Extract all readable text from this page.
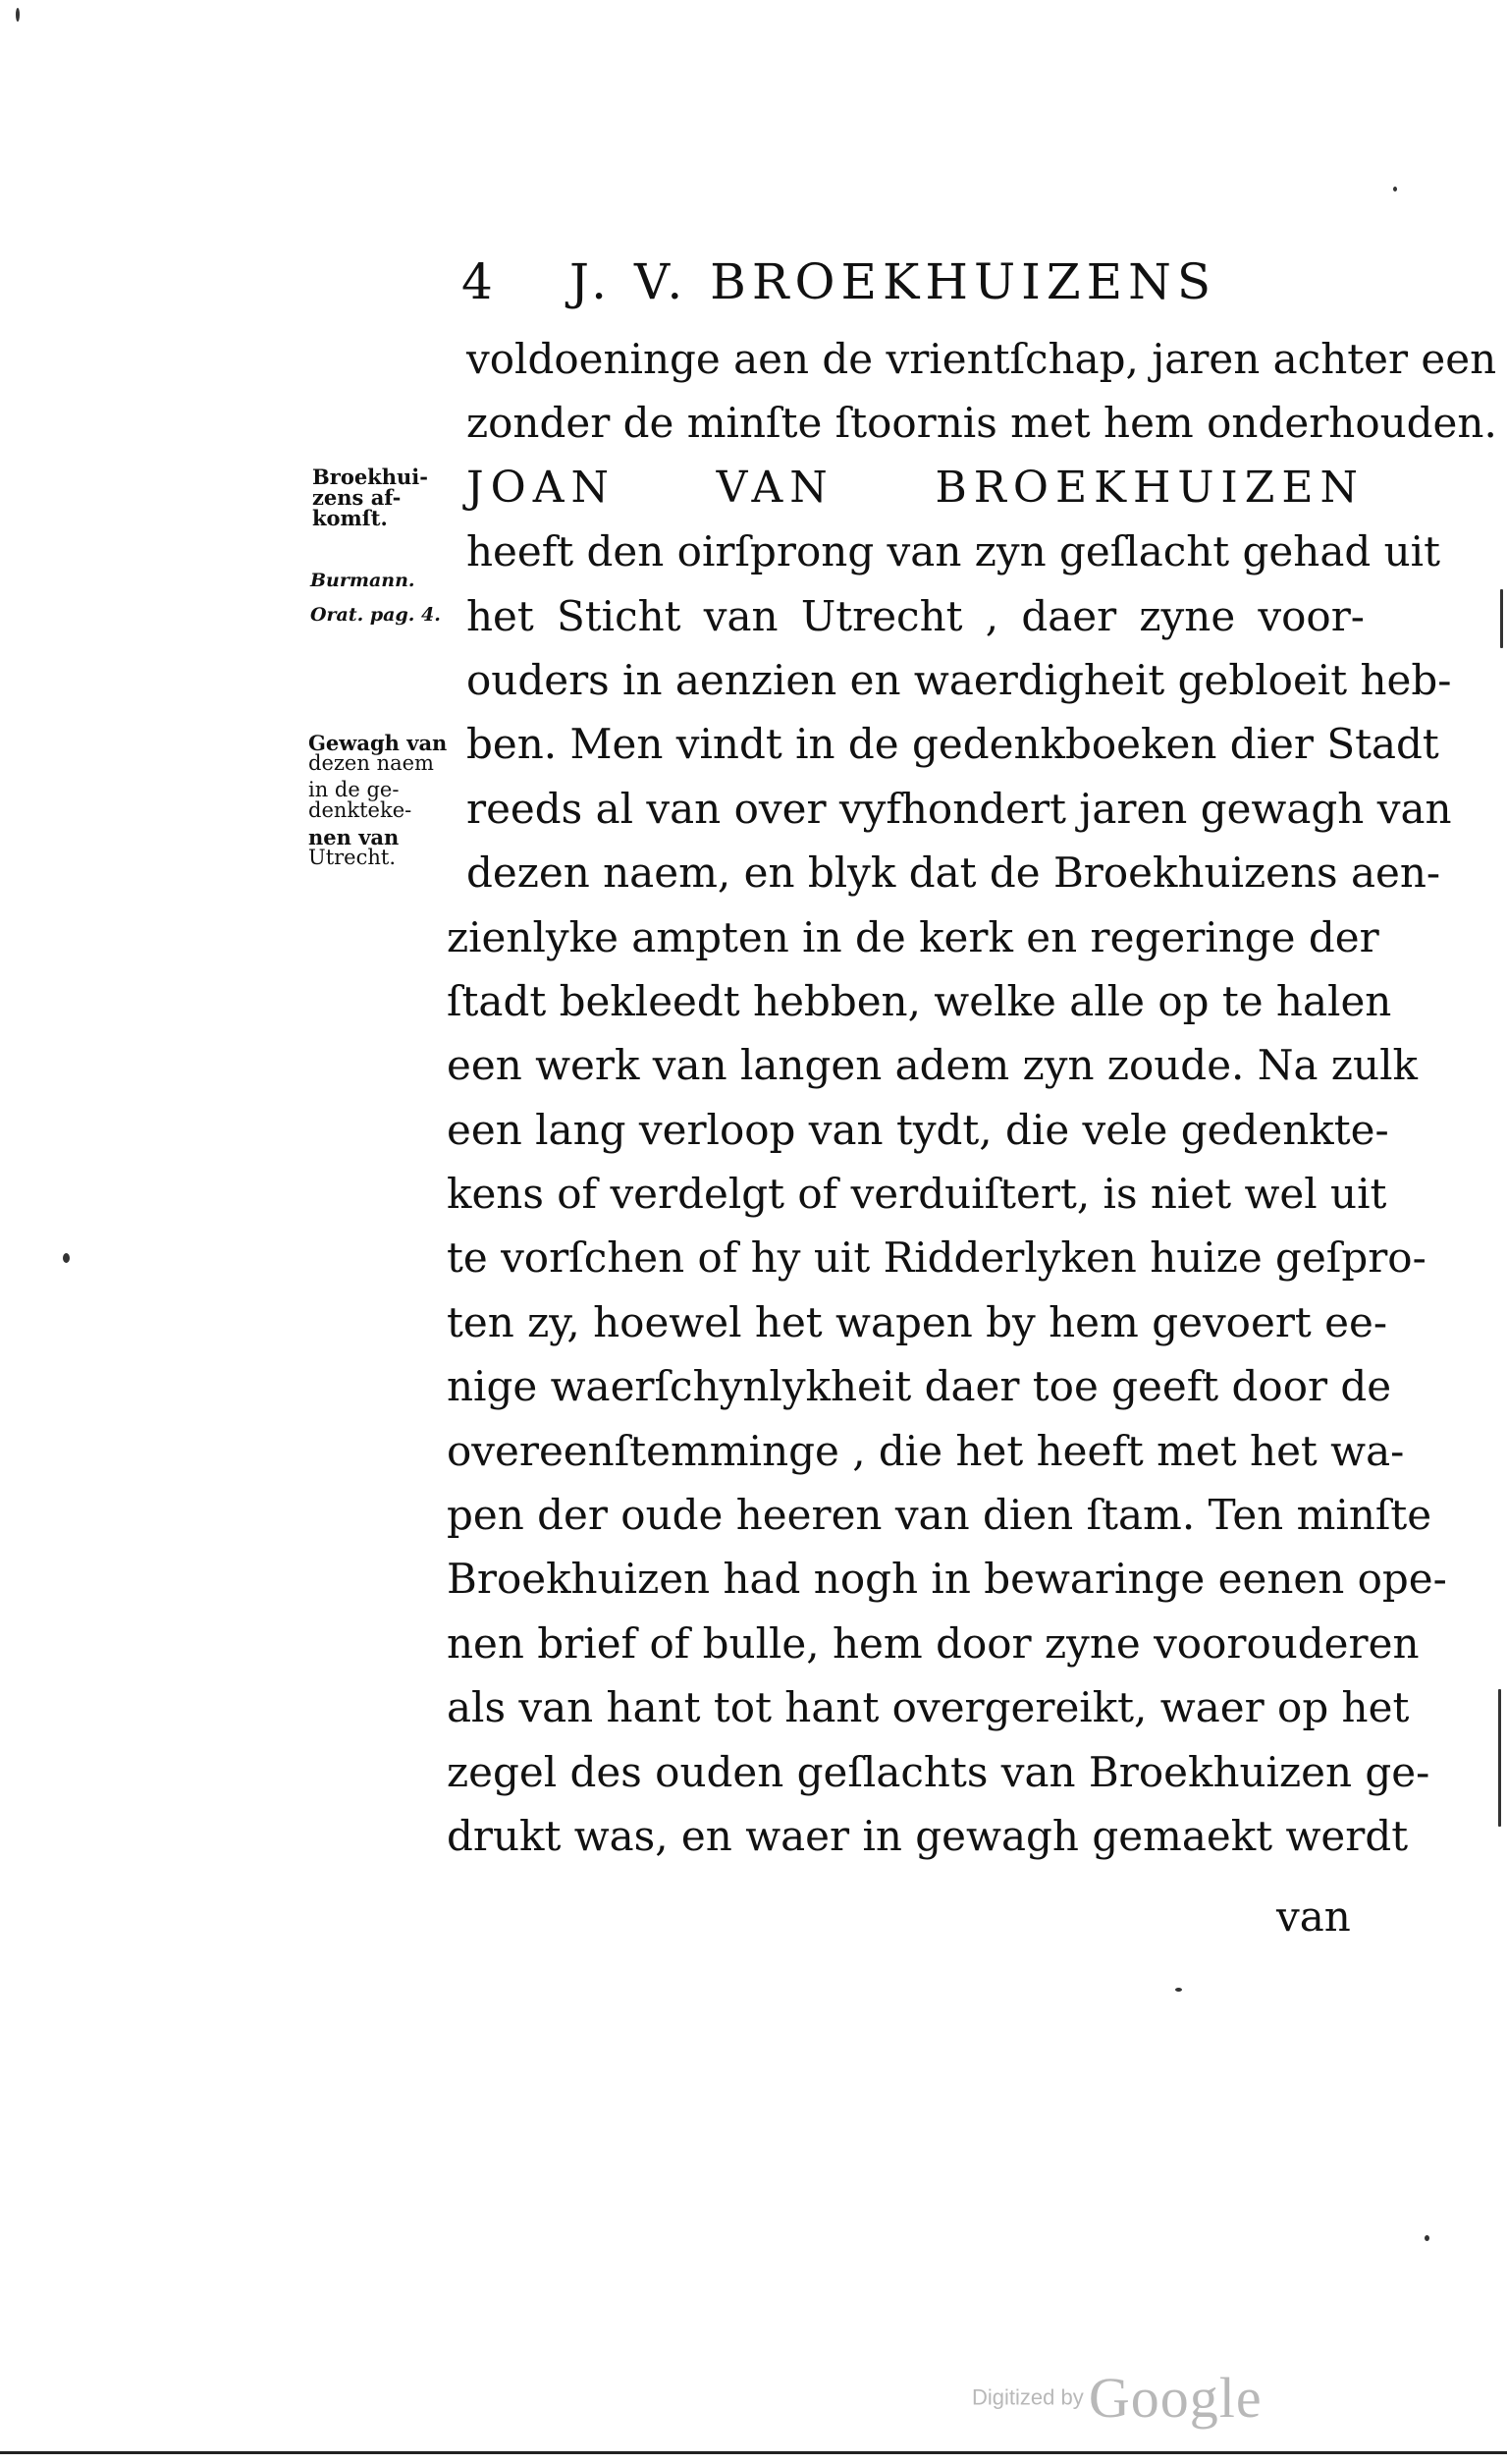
4 J. V. BROEKHUIZENS
Broekhui-
zens af-
komſt.
Burmann.
Orat. pag. 4.
Gewagh van
dezen naem
in de ge-
denkteke-
nen van
Utrecht.
voldoeninge aen de vrientſchap, jaren achter een
zonder de minſte ſtoornis met hem onderhouden.
JOAN VAN BROEKHUIZEN
heeft den oirſprong van zyn geſlacht gehad uit
het Sticht van Utrecht , daer zyne voor-
ouders in aenzien en waerdigheit gebloeit heb-
ben. Men vindt in de gedenkboeken dier Stadt
reeds al van over vyfhondert jaren gewagh van
dezen naem, en blyk dat de Broekhuizens aen-
zienlyke ampten in de kerk en regeringe der
ſtadt bekleedt hebben, welke alle op te halen
een werk van langen adem zyn zoude. Na zulk
een lang verloop van tydt, die vele gedenkte-
kens of verdelgt of verduiſtert, is niet wel uit
te vorſchen of hy uit Ridderlyken huize geſpro-
ten zy, hoewel het wapen by hem gevoert ee-
nige waerſchynlykheit daer toe geeft door de
overeenſtemminge , die het heeft met het wa-
pen der oude heeren van dien ſtam. Ten minſte
Broekhuizen had nogh in bewaringe eenen ope-
nen brief of bulle, hem door zyne voorouderen
als van hant tot hant overgereikt, waer op het
zegel des ouden geſlachts van Broekhuizen ge-
drukt was, en waer in gewagh gemaekt werdt
van
Digitized by Google
